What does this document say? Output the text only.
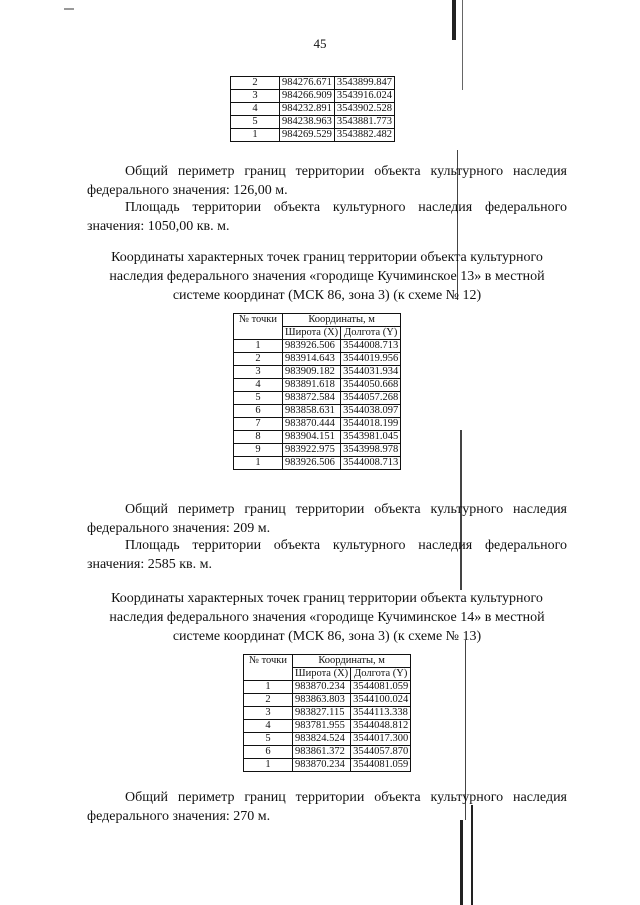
45
2	984276.671	3543899.847
3	984266.909	3543916.024
4	984232.891	3543902.528
5	984238.963	3543881.773
1	984269.529	3543882.482
Общий периметр границ территории объекта культурного наследия
федерального значения: 126,00 м.
Площадь территории объекта культурного наследия федерального
значения: 1050,00 кв. м.
Координаты характерных точек границ территории объекта культурного
наследия федерального значения «городище Кучиминское 13» в местной
системе координат (МСК 86, зона 3) (к схеме № 12)
№ точки	Координаты, м	
	Широта (X)	Долгота (Y)
1	983926.506	3544008.713
2	983914.643	3544019.956
3	983909.182	3544031.934
4	983891.618	3544050.668
5	983872.584	3544057.268
6	983858.631	3544038.097
7	983870.444	3544018.199
8	983904.151	3543981.045
9	983922.975	3543998.978
1	983926.506	3544008.713
Общий периметр границ территории объекта культурного наследия
федерального значения: 209 м.
Площадь территории объекта культурного наследия федерального
значения: 2585 кв. м.
Координаты характерных точек границ территории объекта культурного
наследия федерального значения «городище Кучиминское 14» в местной
системе координат (МСК 86, зона 3) (к схеме № 13)
№ точки	Координаты, м	
	Широта (X)	Долгота (Y)
1	983870.234	3544081.059
2	983863.803	3544100.024
3	983827.115	3544113.338
4	983781.955	3544048.812
5	983824.524	3544017.300
6	983861.372	3544057.870
1	983870.234	3544081.059
Общий периметр границ территории объекта культурного наследия
федерального значения: 270 м.
